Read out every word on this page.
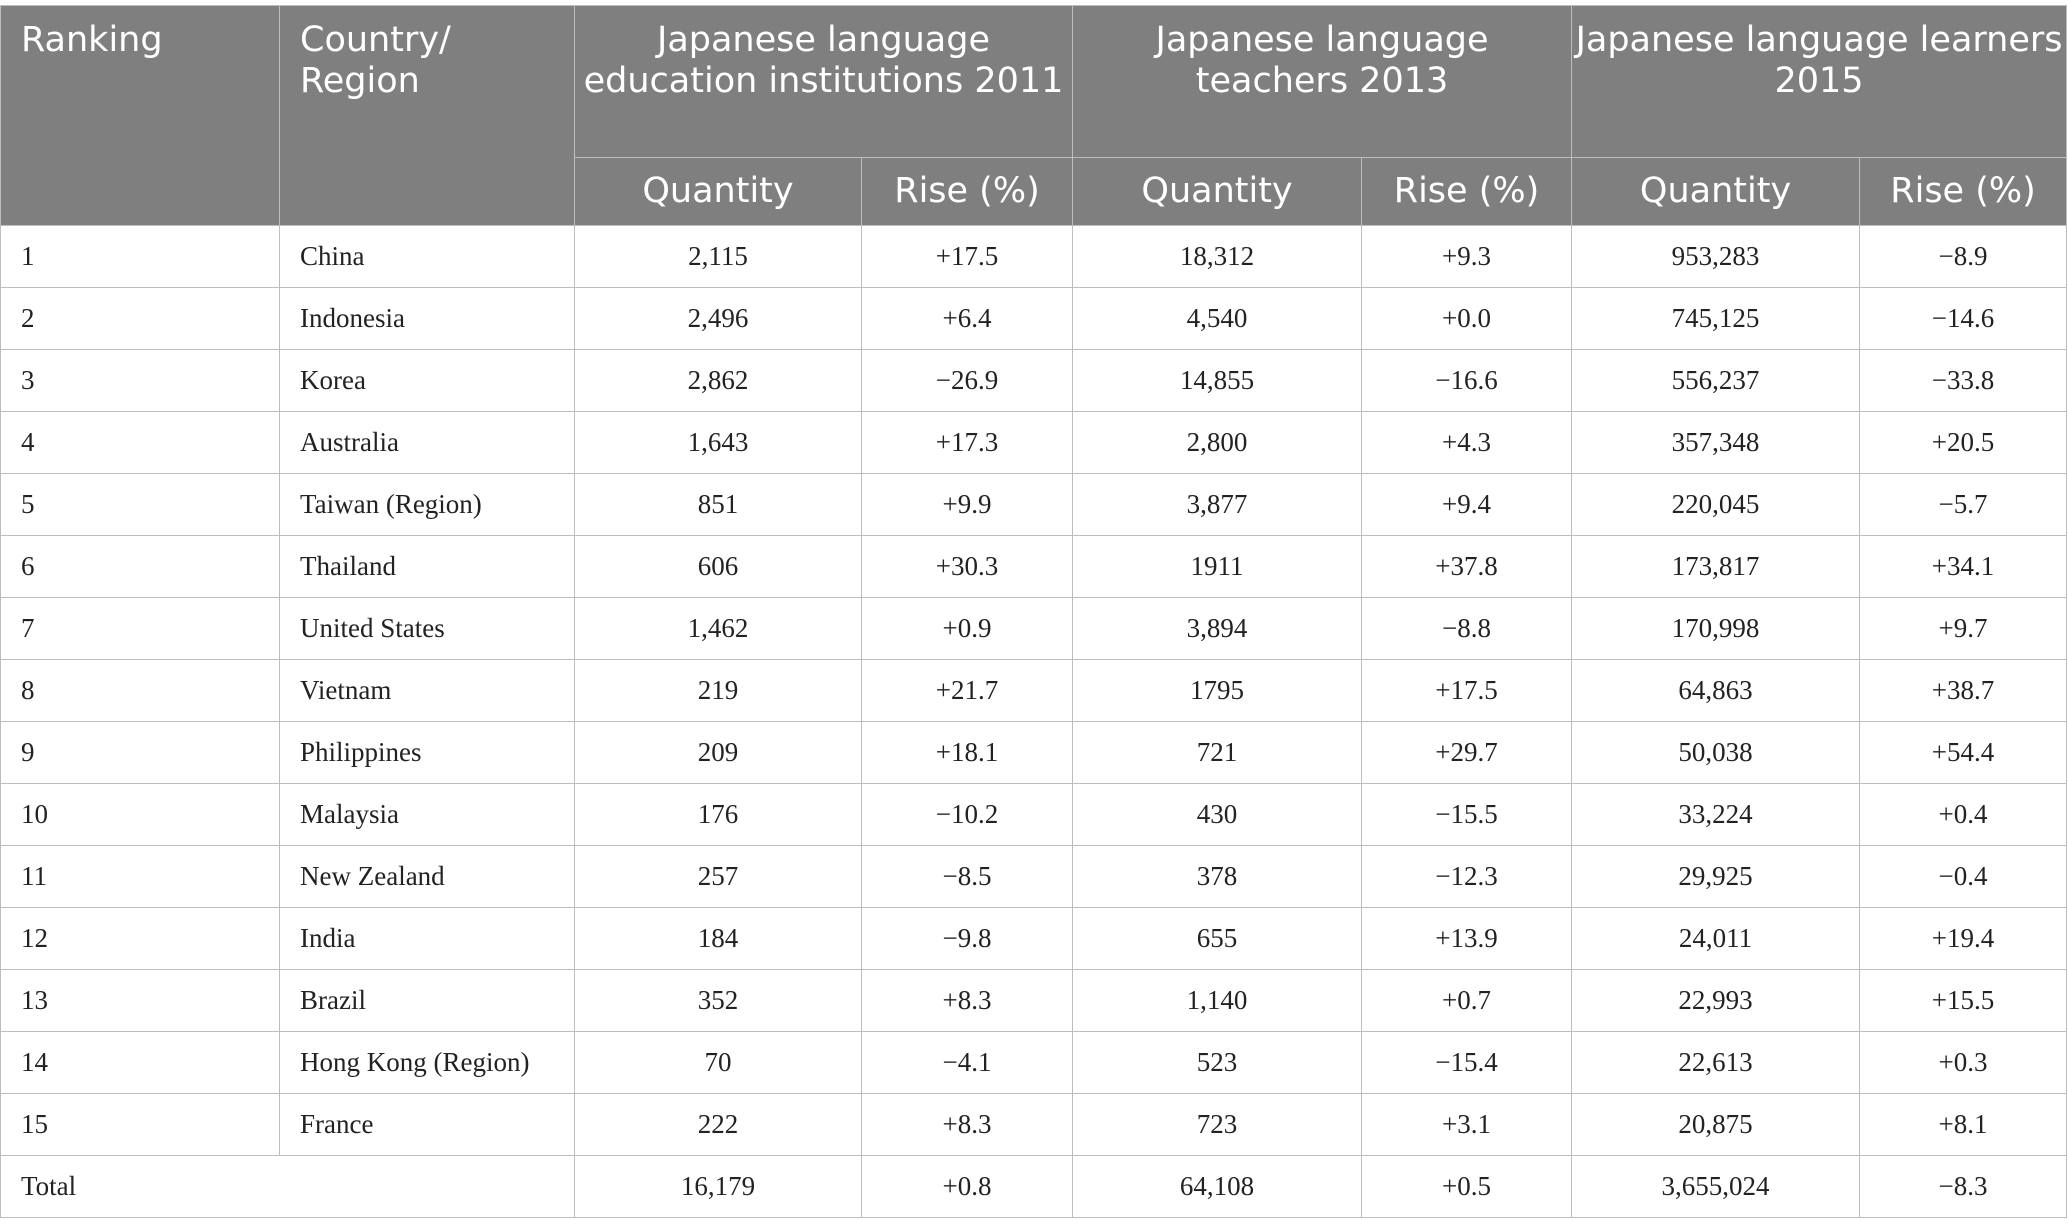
Ranking	Country/ Region	Japanese language education institutions 2011		Japanese language teachers 2013		Japanese language learners 2015	
		Quantity	Rise (%)	Quantity	Rise (%)	Quantity	Rise (%)
1	China	2,115	+17.5	18,312	+9.3	953,283	−8.9
2	Indonesia	2,496	+6.4	4,540	+0.0	745,125	−14.6
3	Korea	2,862	−26.9	14,855	−16.6	556,237	−33.8
4	Australia	1,643	+17.3	2,800	+4.3	357,348	+20.5
5	Taiwan (Region)	851	+9.9	3,877	+9.4	220,045	−5.7
6	Thailand	606	+30.3	1911	+37.8	173,817	+34.1
7	United States	1,462	+0.9	3,894	−8.8	170,998	+9.7
8	Vietnam	219	+21.7	1795	+17.5	64,863	+38.7
9	Philippines	209	+18.1	721	+29.7	50,038	+54.4
10	Malaysia	176	−10.2	430	−15.5	33,224	+0.4
11	New Zealand	257	−8.5	378	−12.3	29,925	−0.4
12	India	184	−9.8	655	+13.9	24,011	+19.4
13	Brazil	352	+8.3	1,140	+0.7	22,993	+15.5
14	Hong Kong (Region)	70	−4.1	523	−15.4	22,613	+0.3
15	France	222	+8.3	723	+3.1	20,875	+8.1
Total		16,179	+0.8	64,108	+0.5	3,655,024	−8.3
